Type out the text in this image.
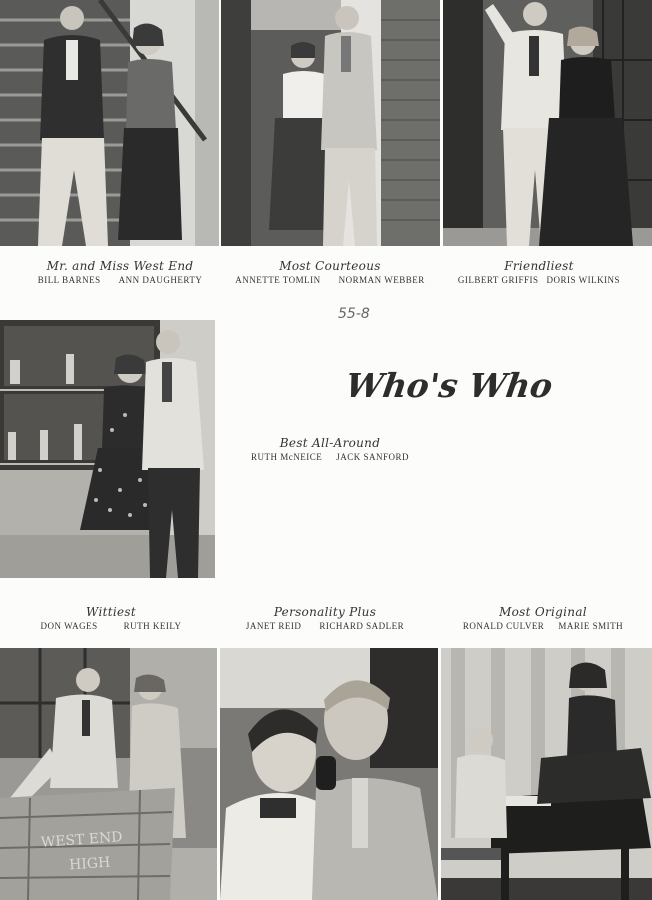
Mr. and Miss West End
BILL BARNES ANN DAUGHERTY
Most Courteous
ANNETTE TOMLIN NORMAN WEBBER
Friendliest
GILBERT GRIFFIS DORIS WILKINS
55-8
Who's Who
Best All-Around
RUTH McNEICE JACK SANFORD
Wittiest
DON WAGES	RUTH KEILY
Personality Plus
JANET REID RICHARD SADLER
Most Original
RONALD CULVER MARIE SMITH
WEST END
HIGH
